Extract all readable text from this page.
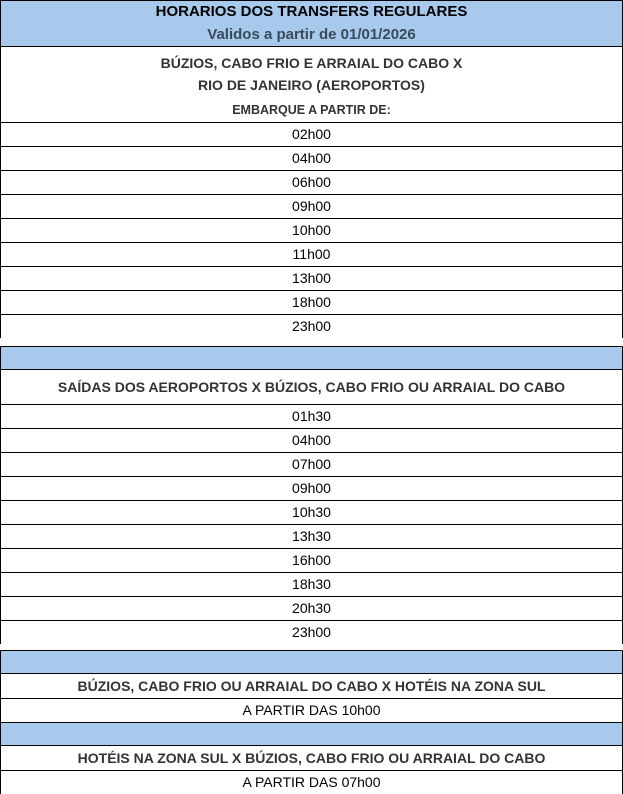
HORARIOS DOS TRANSFERS REGULARES
Validos a partir de 01/01/2026
BÚZIOS, CABO FRIO E ARRAIAL DO CABO X
RIO DE JANEIRO (AEROPORTOS)
EMBARQUE A PARTIR DE:
02h00
04h00
06h00
09h00
10h00
11h00
13h00
18h00
23h00
SAÍDAS DOS AEROPORTOS X BÚZIOS, CABO FRIO OU ARRAIAL DO CABO
01h30
04h00
07h00
09h00
10h30
13h30
16h00
18h30
20h30
23h00
BÚZIOS, CABO FRIO OU ARRAIAL DO CABO X HOTÉIS NA ZONA SUL
A PARTIR DAS 10h00
HOTÉIS NA ZONA SUL X BÚZIOS, CABO FRIO OU ARRAIAL DO CABO
A PARTIR DAS 07h00
